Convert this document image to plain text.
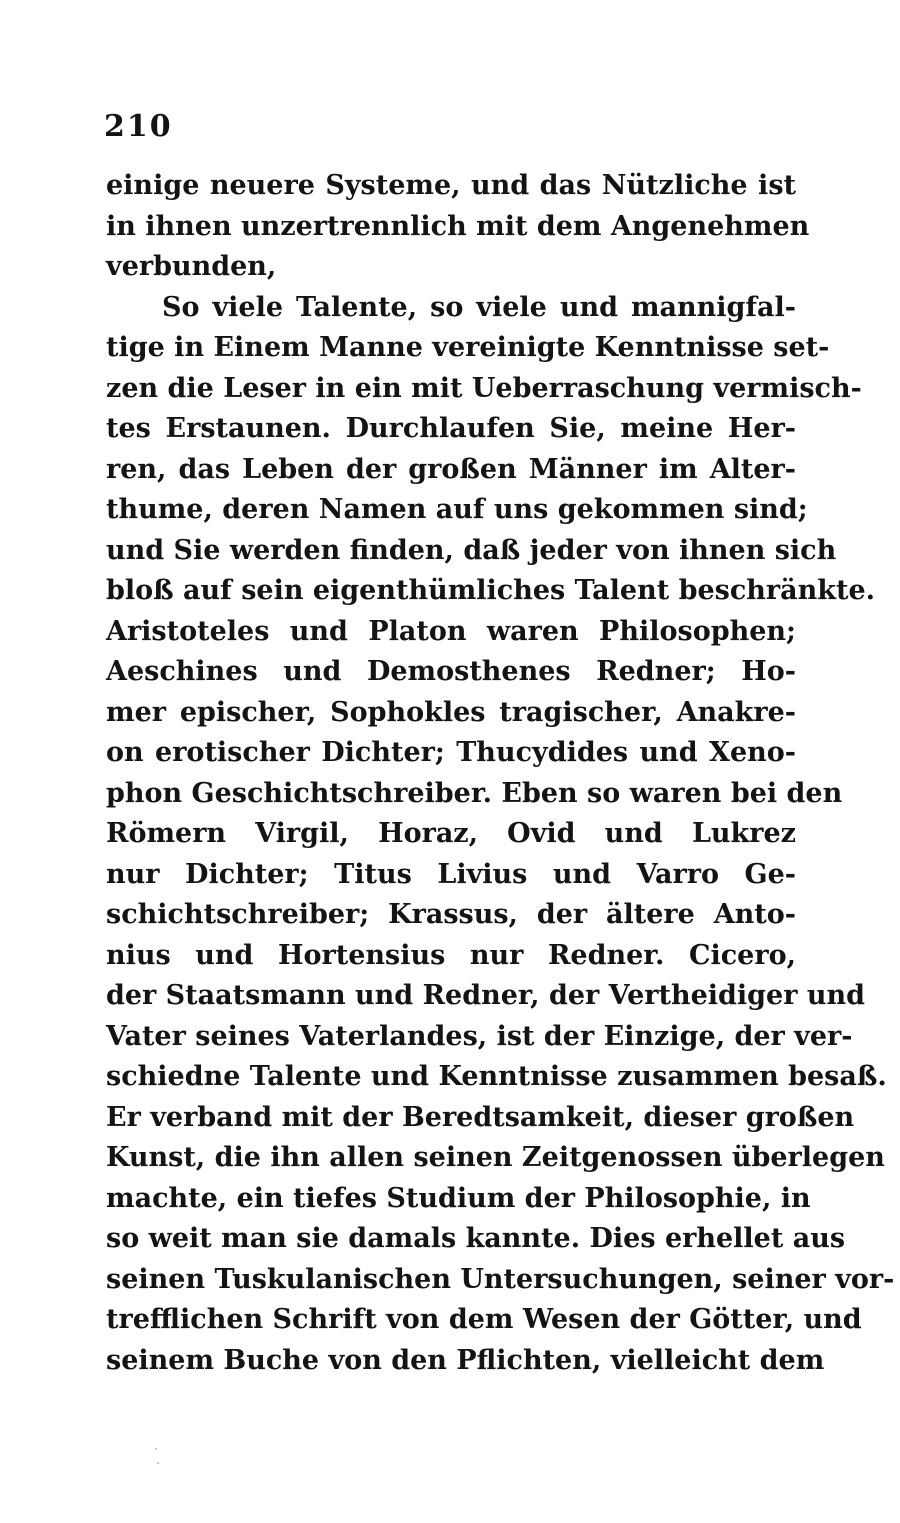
210
einige neuere Systeme, und das Nützliche ist
in ihnen unzertrennlich mit dem Angenehmen
verbunden,
So viele Talente, so viele und mannigfal-
tige in Einem Manne vereinigte Kenntnisse set-
zen die Leser in ein mit Ueberraschung vermisch-
tes Erstaunen. Durchlaufen Sie, meine Her-
ren, das Leben der großen Männer im Alter-
thume, deren Namen auf uns gekommen sind;
und Sie werden finden, daß jeder von ihnen sich
bloß auf sein eigenthümliches Talent beschränkte.
Aristoteles und Platon waren Philosophen;
Aeschines und Demosthenes Redner; Ho-
mer epischer, Sophokles tragischer, Anakre-
on erotischer Dichter; Thucydides und Xeno-
phon Geschichtschreiber. Eben so waren bei den
Römern Virgil, Horaz, Ovid und Lukrez
nur Dichter; Titus Livius und Varro Ge-
schichtschreiber; Krassus, der ältere Anto-
nius und Hortensius nur Redner. Cicero,
der Staatsmann und Redner, der Vertheidiger und
Vater seines Vaterlandes, ist der Einzige, der ver-
schiedne Talente und Kenntnisse zusammen besaß.
Er verband mit der Beredtsamkeit, dieser großen
Kunst, die ihn allen seinen Zeitgenossen überlegen
machte, ein tiefes Studium der Philosophie, in
so weit man sie damals kannte. Dies erhellet aus
seinen Tuskulanischen Untersuchungen, seiner vor-
trefflichen Schrift von dem Wesen der Götter, und
seinem Buche von den Pflichten, vielleicht dem
